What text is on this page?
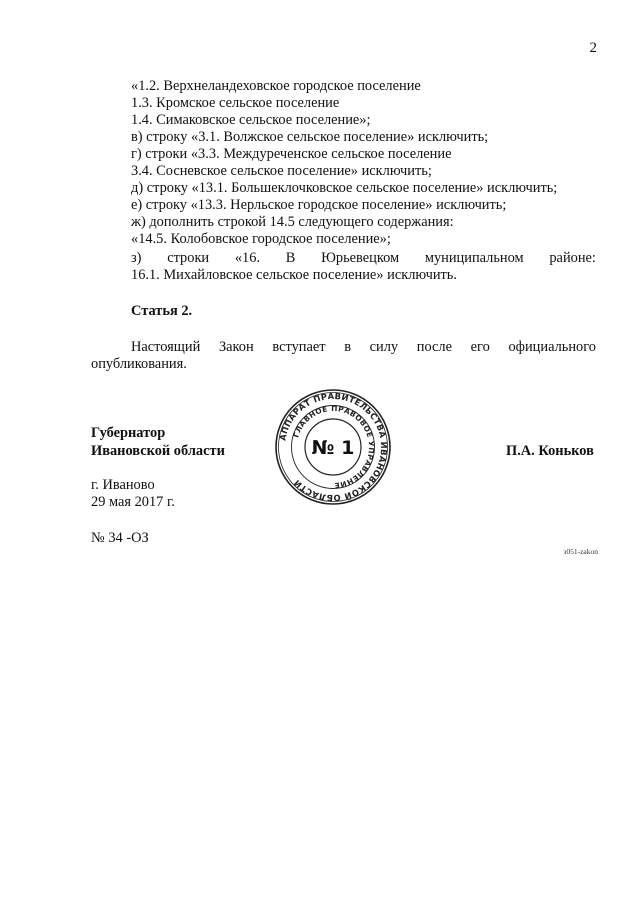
2
«1.2. Верхнеландеховское городское поселение
1.3. Кромское сельское поселение
1.4. Симаковское сельское поселение»;
в) строку «3.1. Волжское сельское поселение» исключить;
г) строки «3.3. Междуреченское сельское поселение
3.4. Сосневское сельское поселение» исключить;
д) строку «13.1. Большеклочковское сельское поселение» исключить;
е) строку «13.3. Нерльское городское поселение» исключить;
ж) дополнить строкой 14.5 следующего содержания:
«14.5. Колобовское городское поселение»;
з) строки «16. В Юрьевецком муниципальном районе:
16.1. Михайловское сельское поселение» исключить.
Статья 2.
Настоящий Закон вступает в силу после его официального
опубликования.
Губернатор
Ивановской области	П.А. Коньков
г. Иваново
29 мая 2017 г.
№ 34 -ОЗ
з051-zakon
АППАРАТ ПРАВИТЕЛЬСТВА ИВАНОВСКОЙ ОБЛАСТИ
ГЛАВНОЕ ПРАВОВОЕ УПРАВЛЕНИЕ
№ 1
